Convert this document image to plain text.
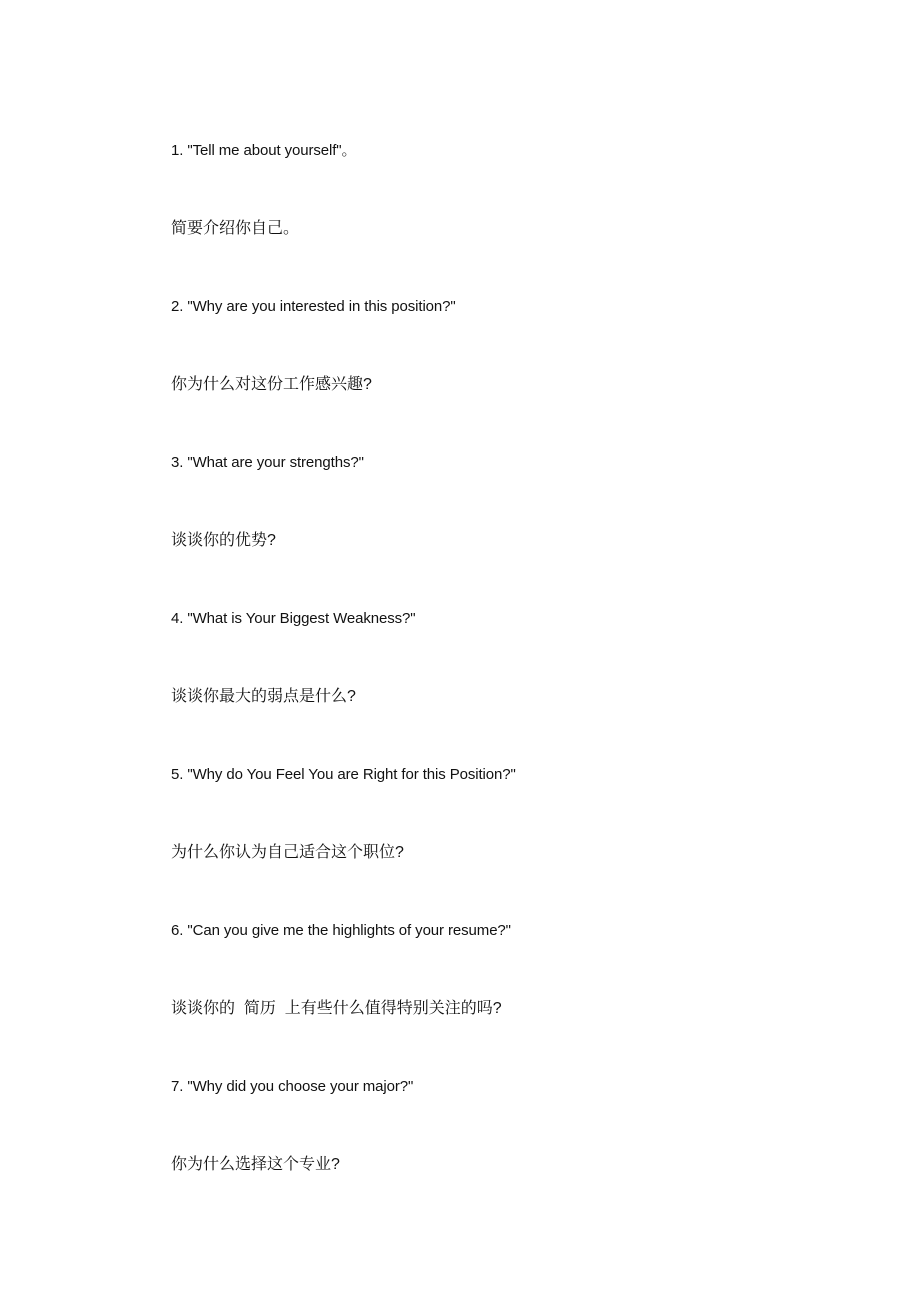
1. "Tell me about yourself"。
简要介绍你自己。
2. "Why are you interested in this position?"
你为什么对这份工作感兴趣?
3. "What are your strengths?"
谈谈你的优势?
4. "What is Your Biggest Weakness?"
谈谈你最大的弱点是什么?
5. "Why do You Feel You are Right for this Position?"
为什么你认为自己适合这个职位?
6. "Can you give me the highlights of your resume?"
谈谈你的  简历  上有些什么值得特别关注的吗?
7. "Why did you choose your major?"
你为什么选择这个专业?
